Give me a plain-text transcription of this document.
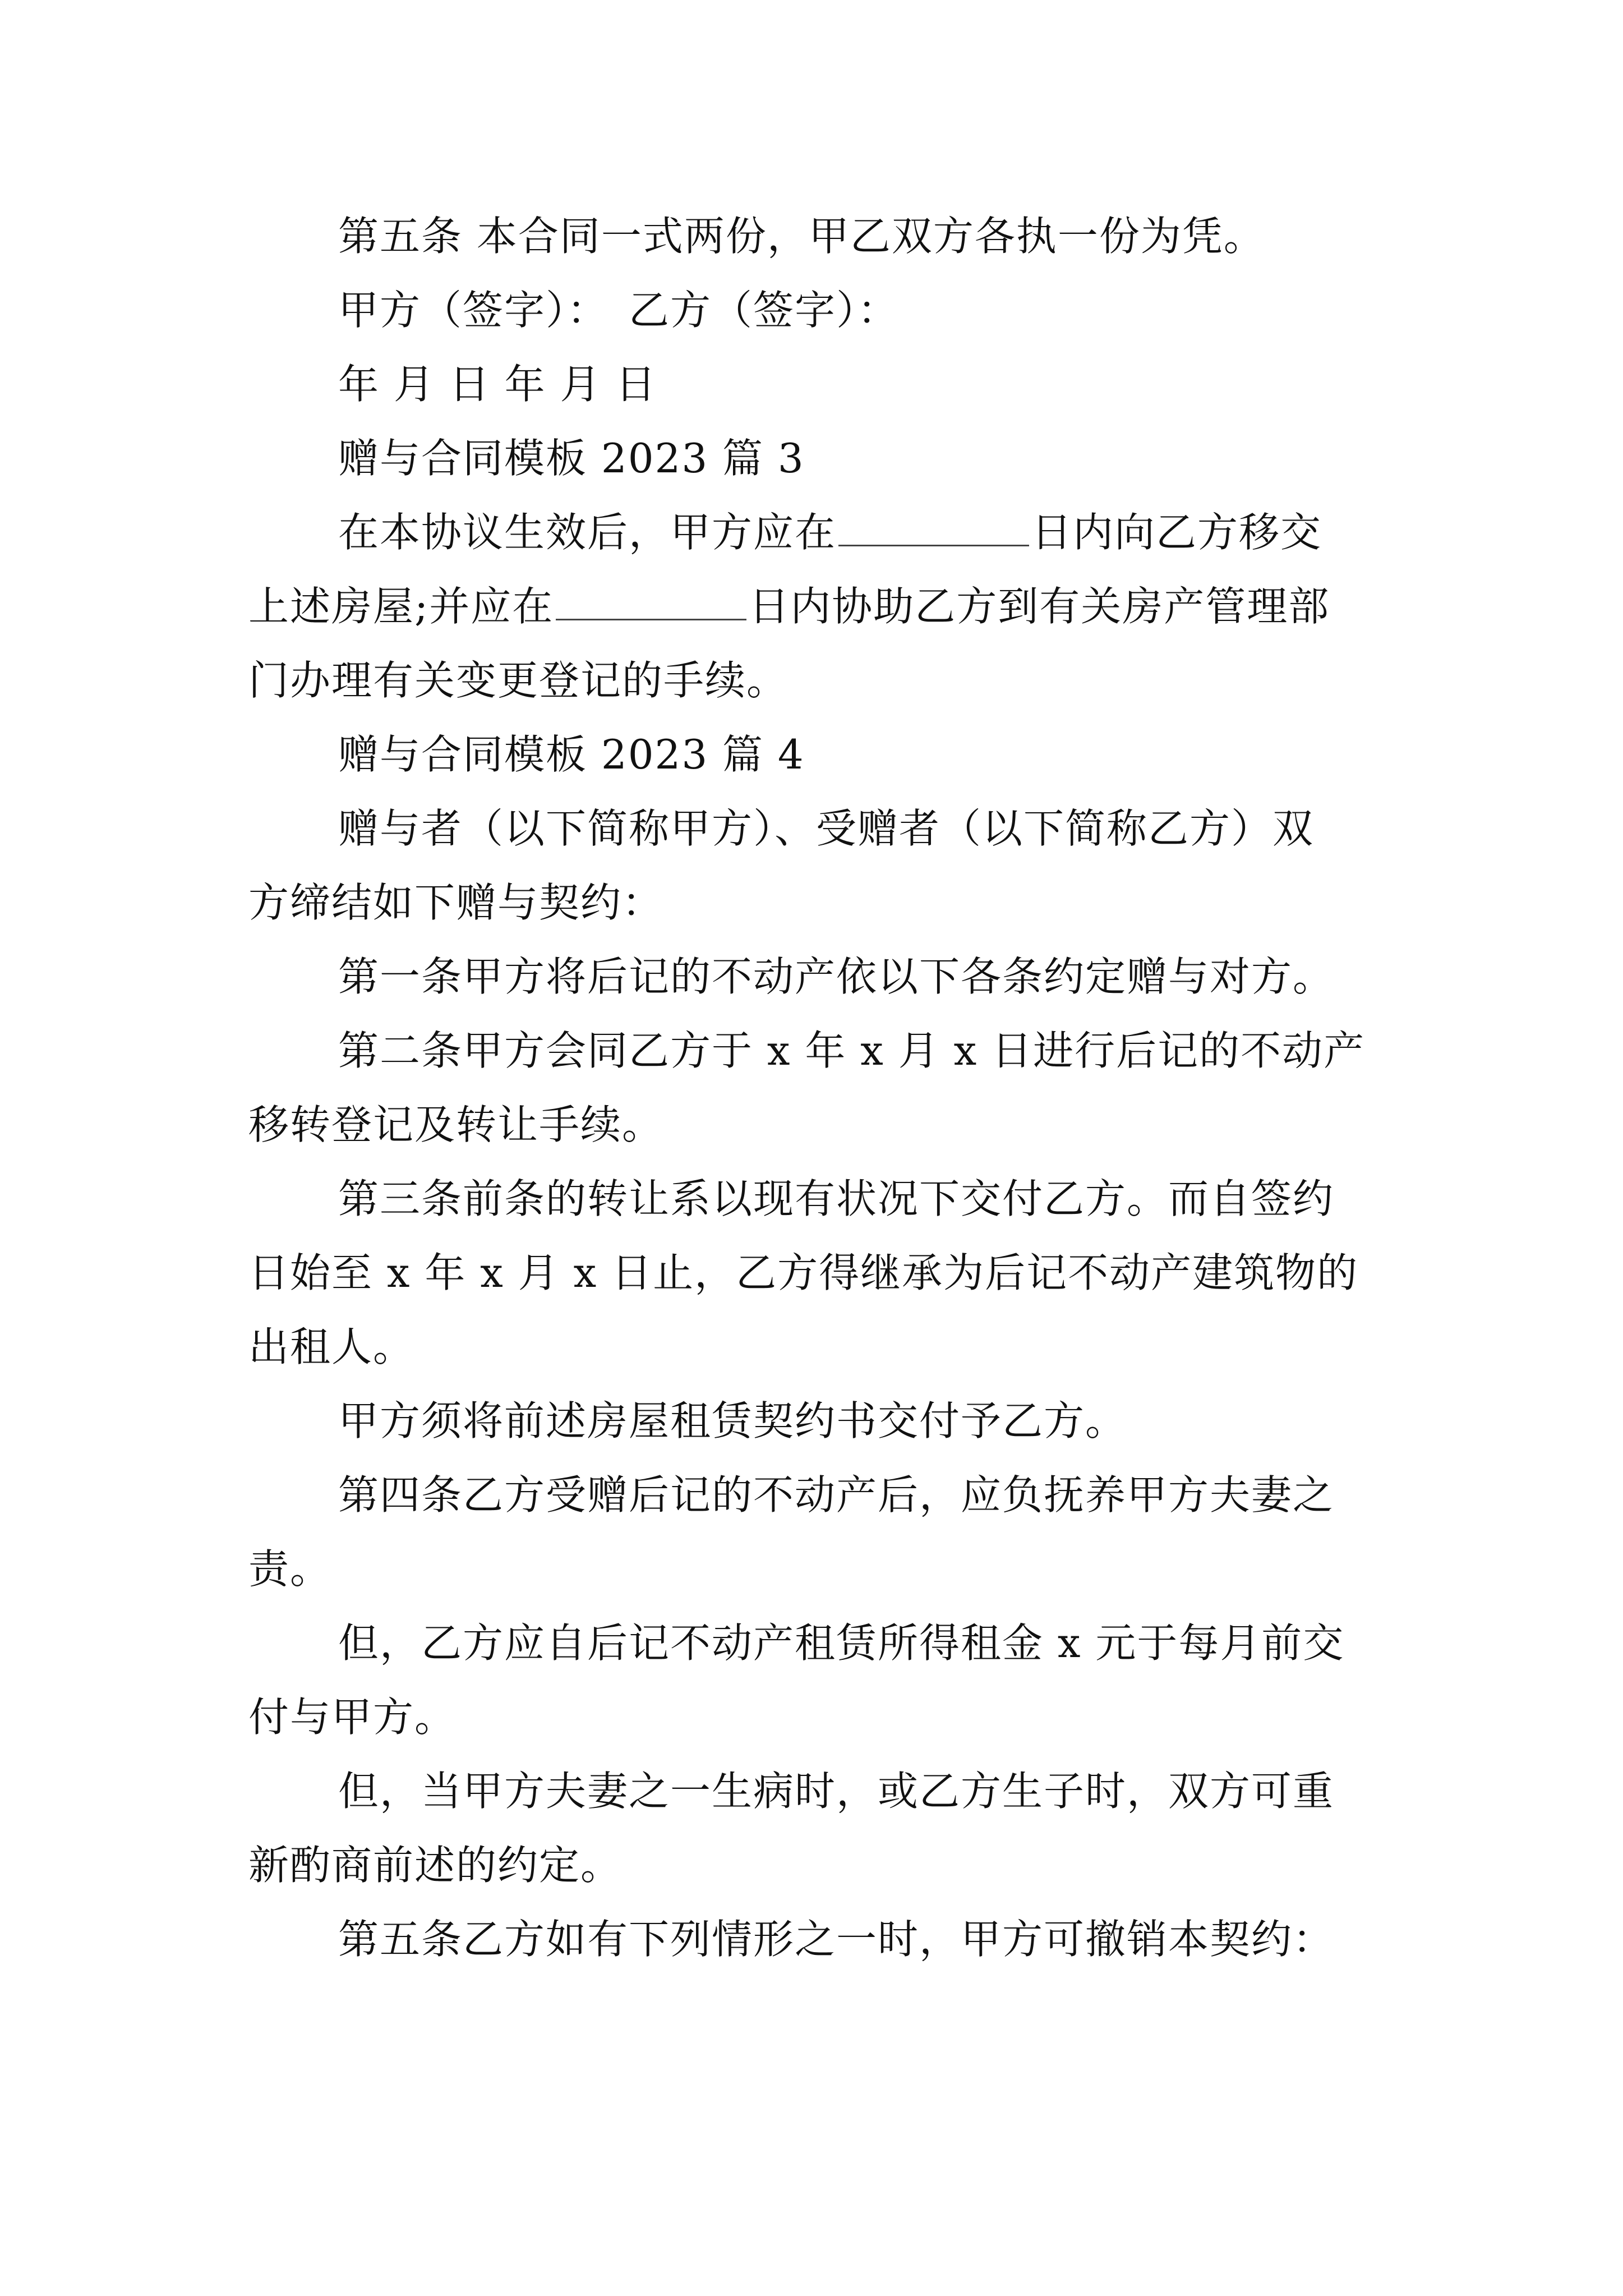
第五条 本合同一式两份，甲乙双方各执一份为凭。

甲方（签字）： 乙方（签字）：

年 月 日 年 月 日

赠与合同模板 2023 篇 3

在本协议生效后，甲方应在	日内向乙方移交

上述房屋;并应在	日内协助乙方到有关房产管理部

门办理有关变更登记的手续。

赠与合同模板 2023 篇 4

赠与者（以下简称甲方）、受赠者（以下简称乙方）双

方缔结如下赠与契约：

第一条甲方将后记的不动产依以下各条约定赠与对方。

第二条甲方会同乙方于 x 年 x 月 x 日进行后记的不动产

移转登记及转让手续。

第三条前条的转让系以现有状况下交付乙方。而自签约

日始至 x 年 x 月 x 日止，乙方得继承为后记不动产建筑物的

出租人。

甲方须将前述房屋租赁契约书交付予乙方。

第四条乙方受赠后记的不动产后，应负抚养甲方夫妻之

责。

但，乙方应自后记不动产租赁所得租金 x 元于每月前交

付与甲方。

但，当甲方夫妻之一生病时，或乙方生子时，双方可重

新酌商前述的约定。

第五条乙方如有下列情形之一时，甲方可撤销本契约：
